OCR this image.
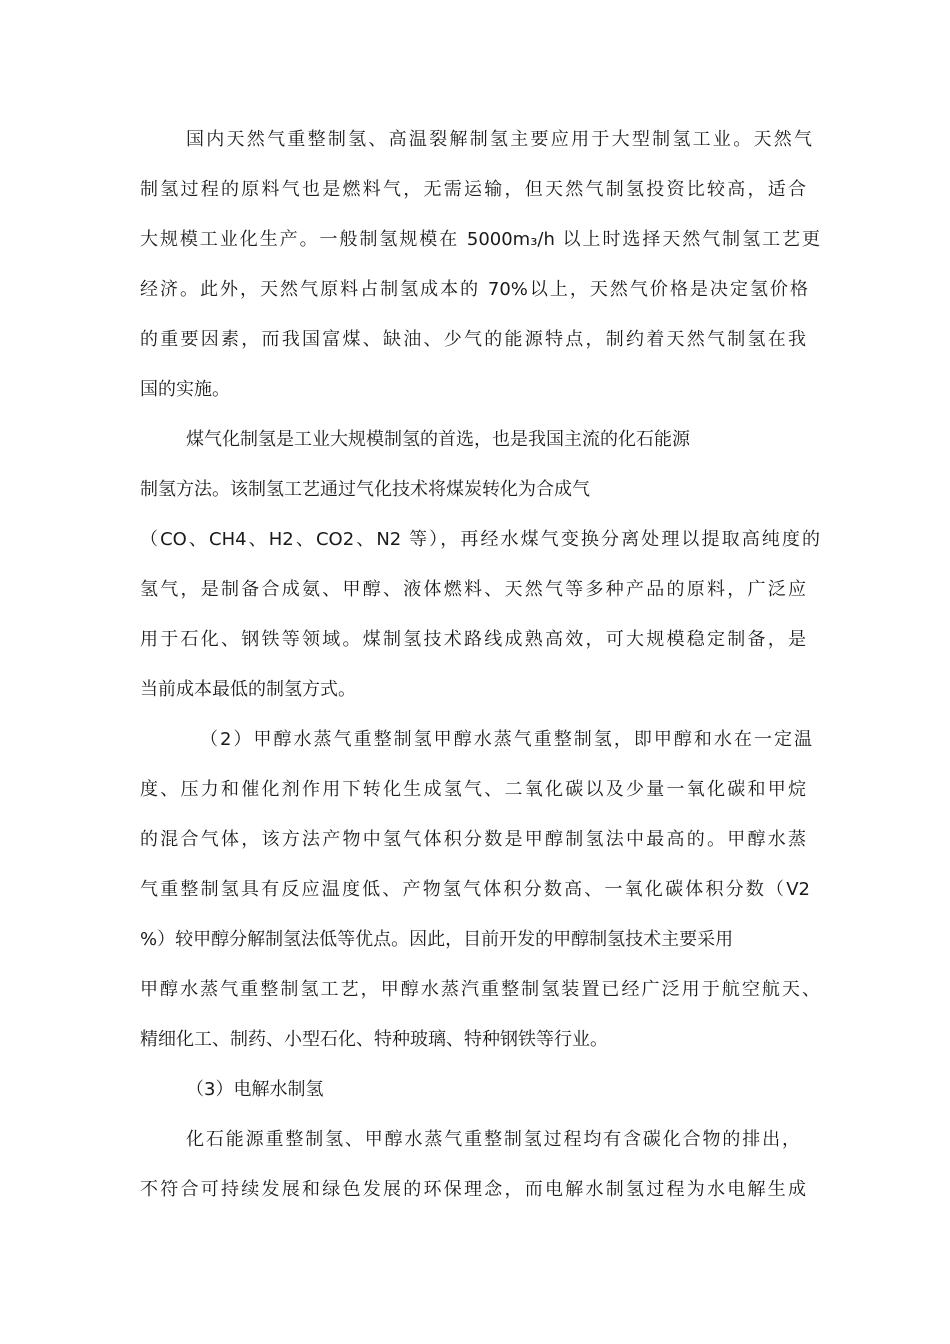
国内天然气重整制氢、高温裂解制氢主要应用于大型制氢工业。天然气
制氢过程的原料气也是燃料气，无需运输，但天然气制氢投资比较高，适合
大规模工业化生产。一般制氢规模在 5000m₃/h 以上时选择天然气制氢工艺更
经济。此外，天然气原料占制氢成本的 70%以上，天然气价格是决定氢价格
的重要因素，而我国富煤、缺油、少气的能源特点，制约着天然气制氢在我
国的实施。
煤气化制氢是工业大规模制氢的首选，也是我国主流的化石能源
制氢方法。该制氢工艺通过气化技术将煤炭转化为合成气
（CO、CH4、H2、CO2、N2 等），再经水煤气变换分离处理以提取高纯度的
氢气，是制备合成氨、甲醇、液体燃料、天然气等多种产品的原料，广泛应
用于石化、钢铁等领域。煤制氢技术路线成熟高效，可大规模稳定制备，是
当前成本最低的制氢方式。
（2）甲醇水蒸气重整制氢甲醇水蒸气重整制氢，即甲醇和水在一定温
度、压力和催化剂作用下转化生成氢气、二氧化碳以及少量一氧化碳和甲烷
的混合气体，该方法产物中氢气体积分数是甲醇制氢法中最高的。甲醇水蒸
气重整制氢具有反应温度低、产物氢气体积分数高、一氧化碳体积分数（V2
%）较甲醇分解制氢法低等优点。因此，目前开发的甲醇制氢技术主要采用
甲醇水蒸气重整制氢工艺，甲醇水蒸汽重整制氢装置已经广泛用于航空航天、
精细化工、制药、小型石化、特种玻璃、特种钢铁等行业。
（3）电解水制氢
化石能源重整制氢、甲醇水蒸气重整制氢过程均有含碳化合物的排出，
不符合可持续发展和绿色发展的环保理念，而电解水制氢过程为水电解生成
